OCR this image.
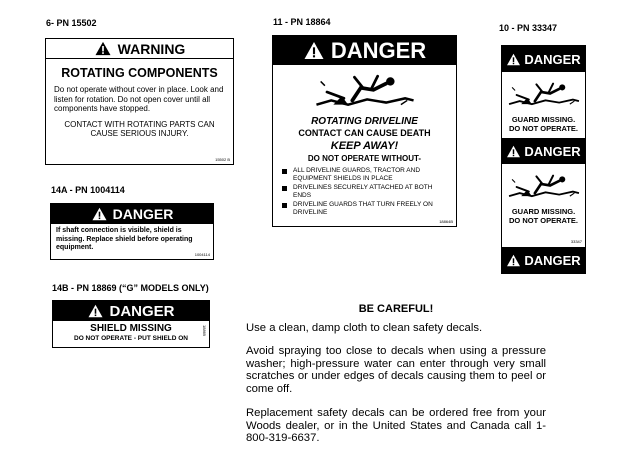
6- PN 15502
WARNING
ROTATING COMPONENTS
Do not operate without cover in place. Look and listen for rotation. Do not open cover until all components have stopped.
CONTACT WITH ROTATING PARTS CAN CAUSE SERIOUS INJURY.
15502 B
11 - PN 18864
DANGER
ROTATING DRIVELINE
CONTACT CAN CAUSE DEATH
KEEP AWAY!
DO NOT OPERATE WITHOUT-
ALL DRIVELINE GUARDS, TRACTOR AND EQUIPMENT SHIELDS IN PLACE
DRIVELINES SECURELY ATTACHED AT BOTH ENDS
DRIVELINE GUARDS THAT TURN FREELY ON DRIVELINE
18864B
10 - PN 33347
DANGER
GUARD MISSING.
DO NOT OPERATE.
DANGER
GUARD MISSING.
DO NOT OPERATE.
DANGER
33347
14A - PN 1004114
DANGER
If shaft connection is visible, shield is missing. Replace shield before operating equipment.
1004114
14B - PN 18869 (“G” MODELS ONLY)
DANGER
SHIELD MISSING
DO NOT OPERATE - PUT SHIELD ON
18869
BE CAREFUL!
Use a clean, damp cloth to clean safety decals.
Avoid spraying too close to decals when using a pressure washer; high-pressure water can enter through very small scratches or under edges of decals causing them to peel or come off.
Replacement safety decals can be ordered free from your Woods dealer, or in the United States and Canada call 1-800-319-6637.
